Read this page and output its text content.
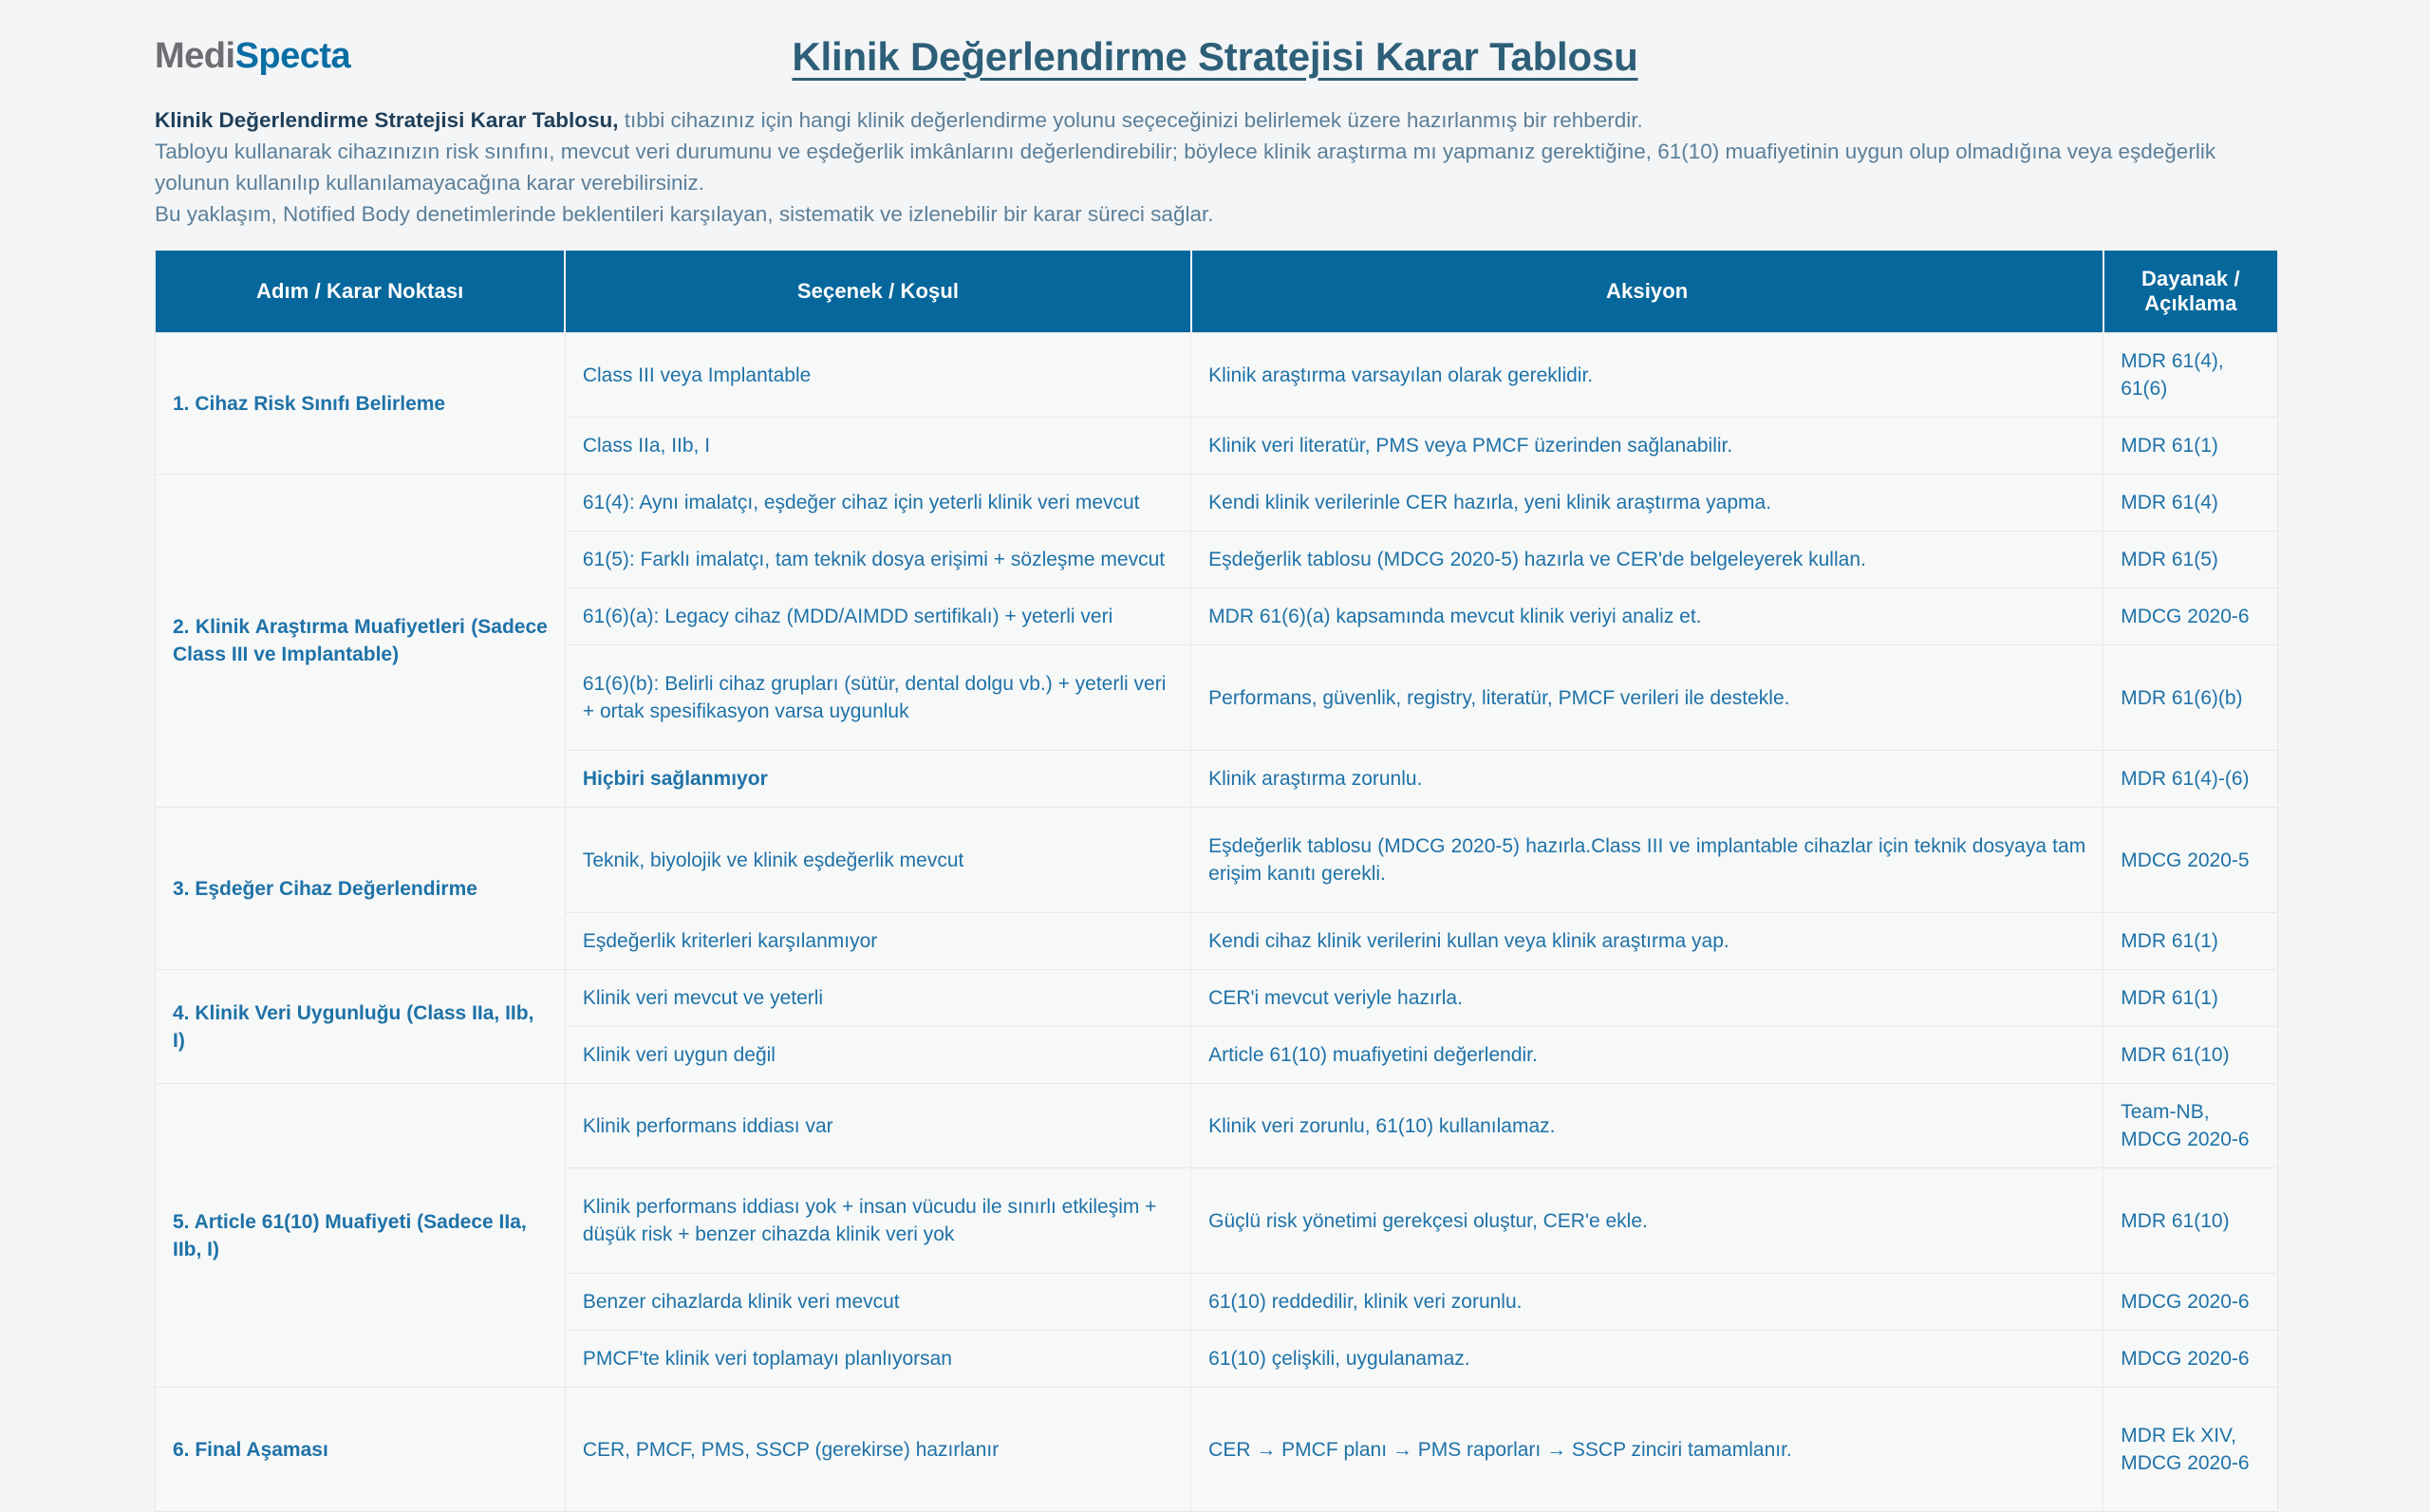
MediSpecta	Klinik Değerlendirme Stratejisi Karar Tablosu

Klinik Değerlendirme Stratejisi Karar Tablosu, tıbbi cihazınız için hangi klinik değerlendirme yolunu seçeceğinizi belirlemek üzere hazırlanmış bir rehberdir.

Tabloyu kullanarak cihazınızın risk sınıfını, mevcut veri durumunu ve eşdeğerlik imkânlarını değerlendirebilir; böylece klinik araştırma mı yapmanız gerektiğine, 61(10) muafiyetinin uygun olup olmadığına veya eşdeğerlik yolunun kullanılıp kullanılamayacağına karar verebilirsiniz.

Bu yaklaşım, Notified Body denetimlerinde beklentileri karşılayan, sistematik ve izlenebilir bir karar süreci sağlar.

Adım / Karar Noktası	Seçenek / Koşul	Aksiyon	Dayanak / Açıklama
1. Cihaz Risk Sınıfı Belirleme	Class III veya Implantable	Klinik araştırma varsayılan olarak gereklidir.	MDR 61(4), 61(6)
	Class IIa, IIb, I	Klinik veri literatür, PMS veya PMCF üzerinden sağlanabilir.	MDR 61(1)
2. Klinik Araştırma Muafiyetleri (Sadece Class III ve Implantable)	61(4): Aynı imalatçı, eşdeğer cihaz için yeterli klinik veri mevcut	Kendi klinik verilerinle CER hazırla, yeni klinik araştırma yapma.	MDR 61(4)
	61(5): Farklı imalatçı, tam teknik dosya erişimi + sözleşme mevcut	Eşdeğerlik tablosu (MDCG 2020-5) hazırla ve CER'de belgeleyerek kullan.	MDR 61(5)
	61(6)(a): Legacy cihaz (MDD/AIMDD sertifikalı) + yeterli veri	MDR 61(6)(a) kapsamında mevcut klinik veriyi analiz et.	MDCG 2020-6
	61(6)(b): Belirli cihaz grupları (sütür, dental dolgu vb.) + yeterli veri + ortak spesifikasyon varsa uygunluk	Performans, güvenlik, registry, literatür, PMCF verileri ile destekle.	MDR 61(6)(b)
	Hiçbiri sağlanmıyor	Klinik araştırma zorunlu.	MDR 61(4)-(6)
3. Eşdeğer Cihaz Değerlendirme	Teknik, biyolojik ve klinik eşdeğerlik mevcut	Eşdeğerlik tablosu (MDCG 2020-5) hazırla.Class III ve implantable cihazlar için teknik dosyaya tam erişim kanıtı gerekli.	MDCG 2020-5
	Eşdeğerlik kriterleri karşılanmıyor	Kendi cihaz klinik verilerini kullan veya klinik araştırma yap.	MDR 61(1)
4. Klinik Veri Uygunluğu (Class IIa, IIb, I)	Klinik veri mevcut ve yeterli	CER'i mevcut veriyle hazırla.	MDR 61(1)
	Klinik veri uygun değil	Article 61(10) muafiyetini değerlendir.	MDR 61(10)
5. Article 61(10) Muafiyeti (Sadece IIa, IIb, I)	Klinik performans iddiası var	Klinik veri zorunlu, 61(10) kullanılamaz.	Team-NB, MDCG 2020-6
	Klinik performans iddiası yok + insan vücudu ile sınırlı etkileşim + düşük risk + benzer cihazda klinik veri yok	Güçlü risk yönetimi gerekçesi oluştur, CER'e ekle.	MDR 61(10)
	Benzer cihazlarda klinik veri mevcut	61(10) reddedilir, klinik veri zorunlu.	MDCG 2020-6
	PMCF'te klinik veri toplamayı planlıyorsan	61(10) çelişkili, uygulanamaz.	MDCG 2020-6
6. Final Aşaması	CER, PMCF, PMS, SSCP (gerekirse) hazırlanır	CER → PMCF planı → PMS raporları → SSCP zinciri tamamlanır.	MDR Ek XIV, MDCG 2020-6
